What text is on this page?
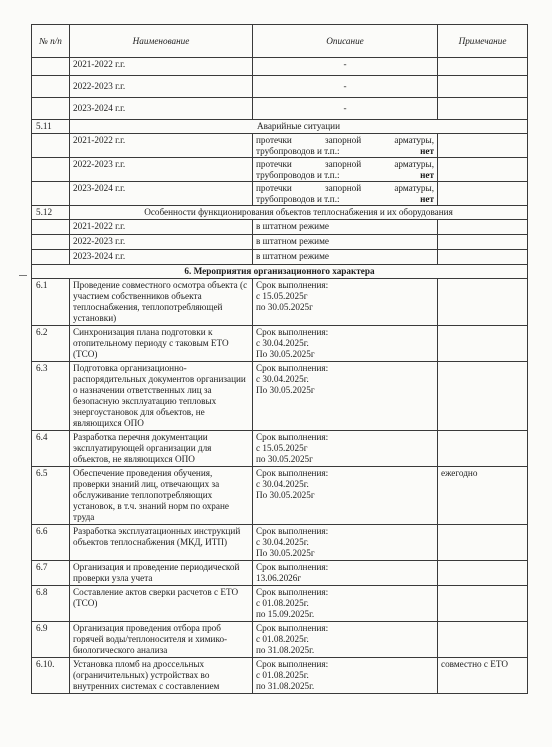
№ п/п	Наименование	Описание	Примечание
	2021-2022 г.г.	-	
	2022-2023 г.г.	-	
	2023-2024 г.г.	-	
5.11	Аварийные ситуации		
	2021-2022 г.г.	протечки запорной арматуры,
трубопроводов и т.п.: нет	

	2022-2023 г.г.	протечки запорной арматуры,
трубопроводов и т.п.: нет	

	2023-2024 г.г.	протечки запорной арматуры,
трубопроводов и т.п.: нет	

5.12	Особенности функционирования объектов теплоснабжения и их оборудования		
	2021-2022 г.г.	в штатном режиме	
	2022-2023 г.г.	в штатном режиме	
	2023-2024 г.г.	в штатном режиме	
6. Мероприятия организационного характера			
6.1	Проведение совместного осмотра объекта (с участием собственников объекта теплоснабжения, теплопотребляющей установки)	Срок выполнения:
с 15.05.2025г
по 30.05.2025г	

6.2	Синхронизация плана подготовки к отопительному периоду с таковым ЕТО (ТСО)	Срок выполнения:
с 30.04.2025г.
По 30.05.2025г	

6.3	Подготовка организационно-распорядительных документов организации о назначении ответственных лиц за безопасную эксплуатацию тепловых энергоустановок для объектов, не являющихся ОПО	Срок выполнения:
с 30.04.2025г.
По 30.05.2025г	

6.4	Разработка перечня документации эксплуатирующей организации для объектов, не являющихся ОПО	Срок выполнения:
с 15.05.2025г
по 30.05.2025г	

6.5	Обеспечение проведения обучения, проверки знаний лиц, отвечающих за обслуживание теплопотребляющих установок, в т.ч. знаний норм по охране труда	Срок выполнения:
с 30.04.2025г.
По 30.05.2025г	ежегодно
6.6	Разработка эксплуатационных инструкций объектов теплоснабжения (МКД, ИТП)	Срок выполнения:
с 30.04.2025г.
По 30.05.2025г	

6.7	Организация и проведение периодической проверки узла учета	Срок выполнения:
13.06.2026г	

6.8	Составление актов сверки расчетов с ЕТО (ТСО)	Срок выполнения:
с 01.08.2025г.
по 15.09.2025г.	

6.9	Организация проведения отбора проб горячей воды/теплоносителя и химико-биологического анализа	Срок выполнения:
с 01.08.2025г.
по 31.08.2025г.	

6.10.	Установка пломб на дроссельных (ограничительных) устройствах во внутренних системах с составлением	Срок выполнения:
с 01.08.2025г.
по 31.08.2025г.	совместно с ЕТО
